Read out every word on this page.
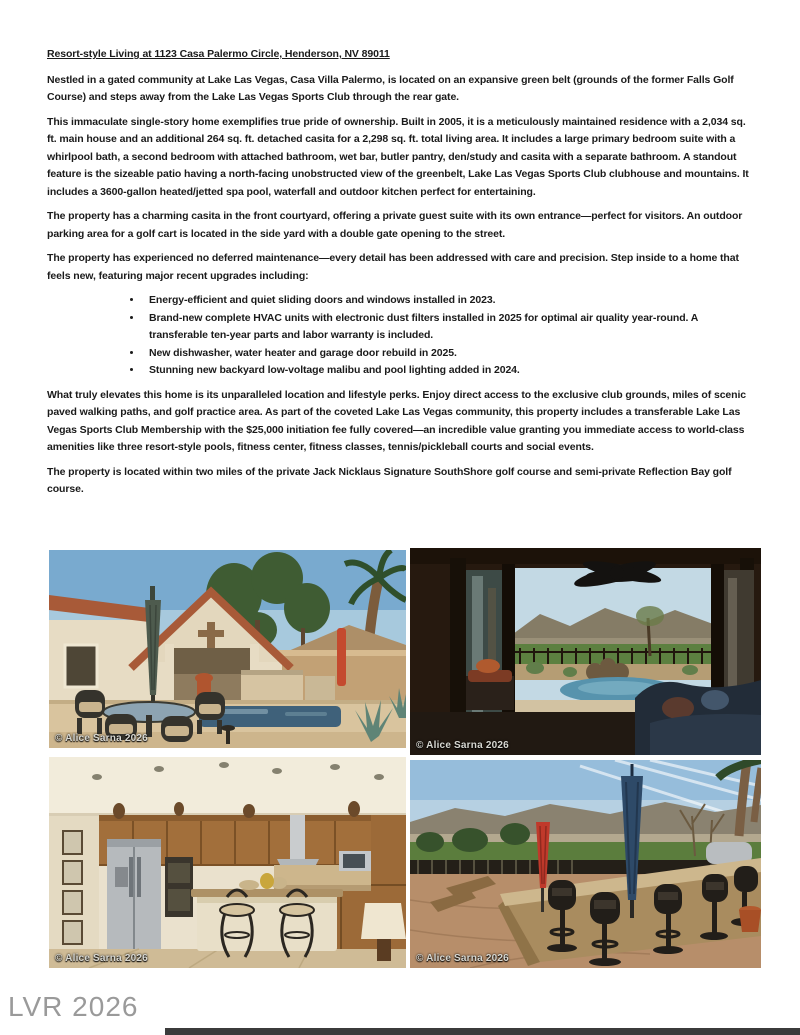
Resort-style Living at 1123 Casa Palermo Circle, Henderson, NV 89011

Nestled in a gated community at Lake Las Vegas, Casa Villa Palermo, is located on an expansive green belt (grounds of the former Falls Golf Course) and steps away from the Lake Las Vegas Sports Club through the rear gate.

This immaculate single-story home exemplifies true pride of ownership. Built in 2005, it is a meticulously maintained residence with a 2,034 sq. ft. main house and an additional 264 sq. ft. detached casita for a 2,298 sq. ft. total living area. It includes a large primary bedroom suite with a whirlpool bath, a second bedroom with attached bathroom, wet bar, butler pantry, den/study and casita with a separate bathroom. A standout feature is the sizeable patio having a north-facing unobstructed view of the greenbelt, Lake Las Vegas Sports Club clubhouse and mountains. It includes a 3600-gallon heated/jetted spa pool, waterfall and outdoor kitchen perfect for entertaining.

The property has a charming casita in the front courtyard, offering a private guest suite with its own entrance—perfect for visitors. An outdoor parking area for a golf cart is located in the side yard with a double gate opening to the street.

The property has experienced no deferred maintenance—every detail has been addressed with care and precision. Step inside to a home that feels new, featuring major recent upgrades including:

• Energy-efficient and quiet sliding doors and windows installed in 2023.
• Brand-new complete HVAC units with electronic dust filters installed in 2025 for optimal air quality year-round. A transferable ten-year parts and labor warranty is included.
• New dishwasher, water heater and garage door rebuild in 2025.
• Stunning new backyard low-voltage malibu and pool lighting added in 2024.

What truly elevates this home is its unparalleled location and lifestyle perks. Enjoy direct access to the exclusive club grounds, miles of scenic paved walking paths, and golf practice area. As part of the coveted Lake Las Vegas community, this property includes a transferable Lake Las Vegas Sports Club Membership with the $25,000 initiation fee fully covered—an incredible value granting you immediate access to world-class amenities like three resort-style pools, fitness center, fitness classes, tennis/pickleball courts and social events.

The property is located within two miles of the private Jack Nicklaus Signature SouthShore golf course and semi-private Reflection Bay golf course.

© Alice Sarna 2026
© Alice Sarna 2026
© Alice Sarna 2026	© Alice Sarna 2026
LVR 2026
